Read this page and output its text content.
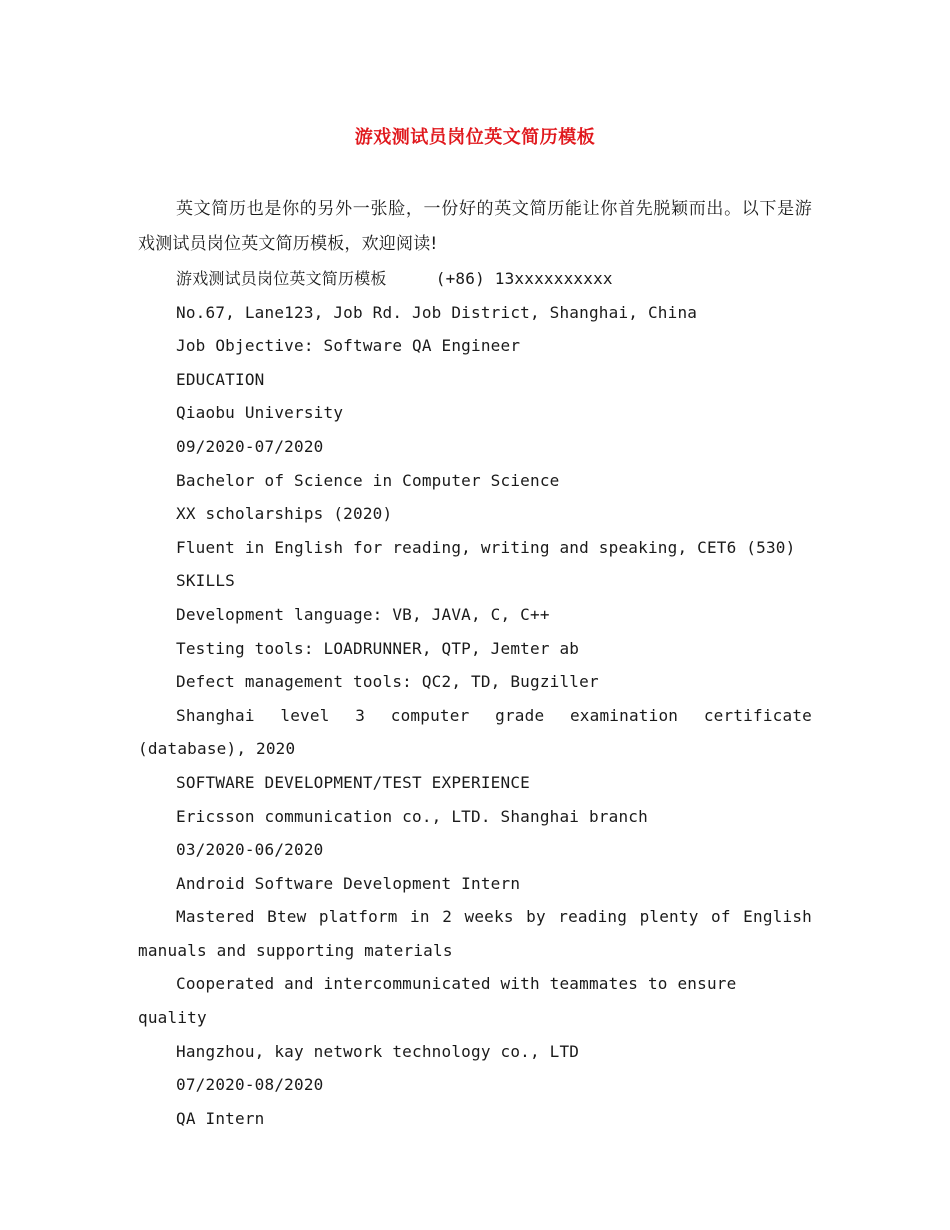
游戏测试员岗位英文简历模板

英文简历也是你的另外一张脸，一份好的英文简历能让你首先脱颖而出。以下是游戏测试员岗位英文简历模板，欢迎阅读!

游戏测试员岗位英文简历模板     (+86) 13xxxxxxxxxx

No.67, Lane123, Job Rd. Job District, Shanghai, China

Job Objective: Software QA Engineer

EDUCATION

Qiaobu University

09/2020-07/2020

Bachelor of Science in Computer Science

XX scholarships (2020)

Fluent in English for reading, writing and speaking, CET6 (530)

SKILLS

Development language: VB, JAVA, C, C++

Testing tools: LOADRUNNER, QTP, Jemter ab

Defect management tools: QC2, TD, Bugziller

Shanghai level 3 computer grade examination certificate (database), 2020

SOFTWARE DEVELOPMENT/TEST EXPERIENCE

Ericsson communication co., LTD. Shanghai branch

03/2020-06/2020

Android Software Development Intern

Mastered Btew platform in 2 weeks by reading plenty of English manuals and supporting materials

Cooperated and intercommunicated with teammates to ensure quality

Hangzhou, kay network technology co., LTD

07/2020-08/2020

QA Intern
